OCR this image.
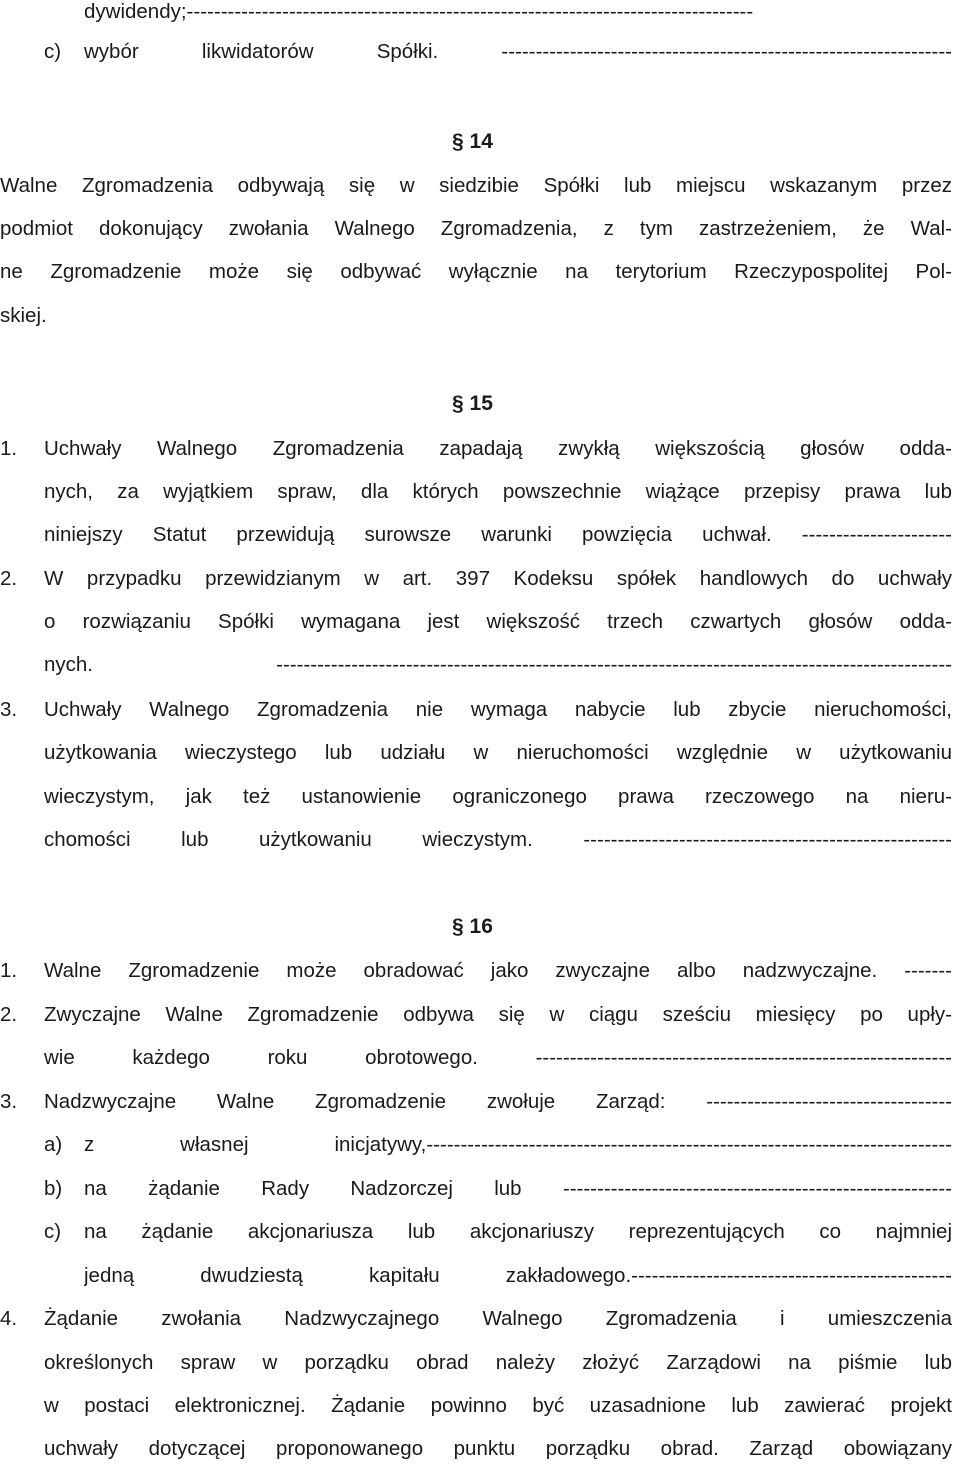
dywidendy;-----------------------------------------------------------------------------------
c) wybór likwidatorów Spółki. ------------------------------------------------------------------
§ 14
Walne Zgromadzenia odbywają się w siedzibie Spółki lub miejscu wskazanym przez
podmiot dokonujący zwołania Walnego Zgromadzenia, z tym zastrzeżeniem, że Wal-
ne Zgromadzenie może się odbywać wyłącznie na terytorium Rzeczypospolitej Pol-
skiej.
§ 15
1. Uchwały Walnego Zgromadzenia zapadają zwykłą większością głosów odda-
nych, za wyjątkiem spraw, dla których powszechnie wiążące przepisy prawa lub
niniejszy Statut przewidują surowsze warunki powzięcia uchwał. ----------------------
2. W przypadku przewidzianym w art. 397 Kodeksu spółek handlowych do uchwały
o rozwiązaniu Spółki wymagana jest większość trzech czwartych głosów odda-
nych. ---------------------------------------------------------------------------------------------------
3. Uchwały Walnego Zgromadzenia nie wymaga nabycie lub zbycie nieruchomości,
użytkowania wieczystego lub udziału w nieruchomości względnie w użytkowaniu
wieczystym, jak też ustanowienie ograniczonego prawa rzeczowego na nieru-
chomości lub użytkowaniu wieczystym. ------------------------------------------------------
§ 16
1. Walne Zgromadzenie może obradować jako zwyczajne albo nadzwyczajne. -------
2. Zwyczajne Walne Zgromadzenie odbywa się w ciągu sześciu miesięcy po upły-
wie każdego roku obrotowego. -------------------------------------------------------------
3. Nadzwyczajne Walne Zgromadzenie zwołuje Zarząd: ------------------------------------
a) z własnej inicjatywy,-----------------------------------------------------------------------------
b) na żądanie Rady Nadzorczej lub ---------------------------------------------------------
c) na żądanie akcjonariusza lub akcjonariuszy reprezentujących co najmniej
jedną dwudziestą kapitału zakładowego.-----------------------------------------------
4. Żądanie zwołania Nadzwyczajnego Walnego Zgromadzenia i umieszczenia
określonych spraw w porządku obrad należy złożyć Zarządowi na piśmie lub
w postaci elektronicznej. Żądanie powinno być uzasadnione lub zawierać projekt
uchwały dotyczącej proponowanego punktu porządku obrad. Zarząd obowiązany
